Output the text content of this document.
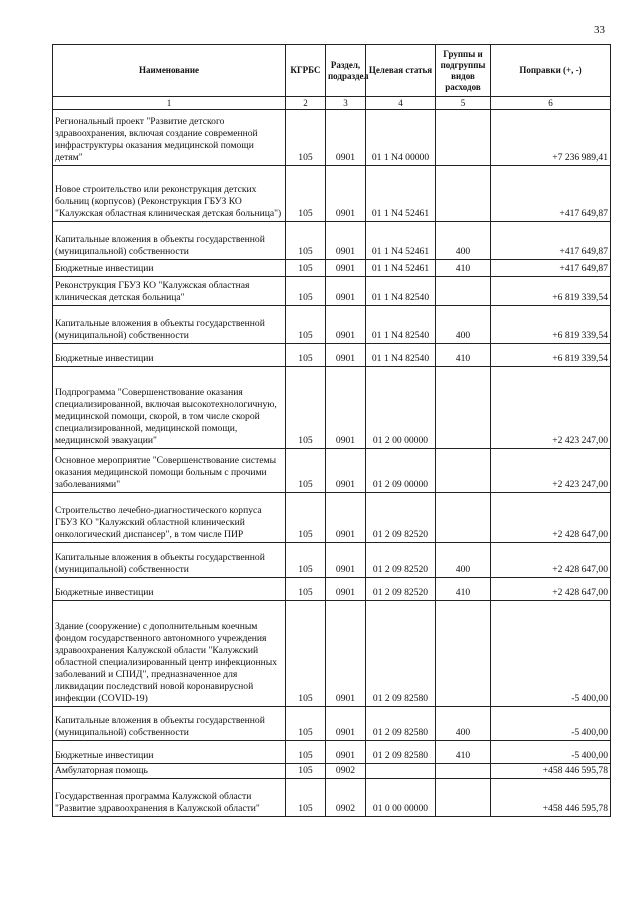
33
Наименование	КГРБС	Раздел, подраздел	Целевая статья	Группы и подгруппы видов расходов	Поправки (+, -)
1	2	3	4	5	6
Региональный проект "Развитие детского здравоохранения, включая создание современной инфраструктуры оказания медицинской помощи детям"	105	0901	01 1 N4 00000		+7 236 989,41
Новое строительство или реконструкция детских больниц (корпусов) (Реконструкция ГБУЗ КО "Калужская областная клиническая детская больница")	105	0901	01 1 N4 52461		+417 649,87
Капитальные вложения в объекты государственной (муниципальной) собственности	105	0901	01 1 N4 52461	400	+417 649,87
Бюджетные инвестиции	105	0901	01 1 N4 52461	410	+417 649,87
Реконструкция ГБУЗ КО "Калужская областная клиническая детская больница"	105	0901	01 1 N4 82540		+6 819 339,54
Капитальные вложения в объекты государственной (муниципальной) собственности	105	0901	01 1 N4 82540	400	+6 819 339,54
Бюджетные инвестиции	105	0901	01 1 N4 82540	410	+6 819 339,54
Подпрограмма "Совершенствование оказания специализированной, включая высокотехнологичную, медицинской помощи, скорой, в том числе скорой специализированной, медицинской помощи, медицинской эвакуации"	105	0901	01 2 00 00000		+2 423 247,00
Основное мероприятие "Совершенствование системы оказания медицинской помощи больным с прочими заболеваниями"	105	0901	01 2 09 00000		+2 423 247,00
Строительство лечебно-диагностического корпуса ГБУЗ КО "Калужский областной клинический онкологический диспансер", в том числе ПИР	105	0901	01 2 09 82520		+2 428 647,00
Капитальные вложения в объекты государственной (муниципальной) собственности	105	0901	01 2 09 82520	400	+2 428 647,00
Бюджетные инвестиции	105	0901	01 2 09 82520	410	+2 428 647,00
Здание (сооружение) с дополнительным коечным фондом государственного автономного учреждения здравоохранения Калужской области "Калужский областной специализированный центр инфекционных заболеваний и СПИД", предназначенное для ликвидации последствий новой коронавирусной инфекции (COVID-19)	105	0901	01 2 09 82580		-5 400,00
Капитальные вложения в объекты государственной (муниципальной) собственности	105	0901	01 2 09 82580	400	-5 400,00
Бюджетные инвестиции	105	0901	01 2 09 82580	410	-5 400,00
Амбулаторная помощь	105	0902			+458 446 595,78
Государственная программа Калужской области "Развитие здравоохранения в Калужской области"	105	0902	01 0 00 00000		+458 446 595,78
